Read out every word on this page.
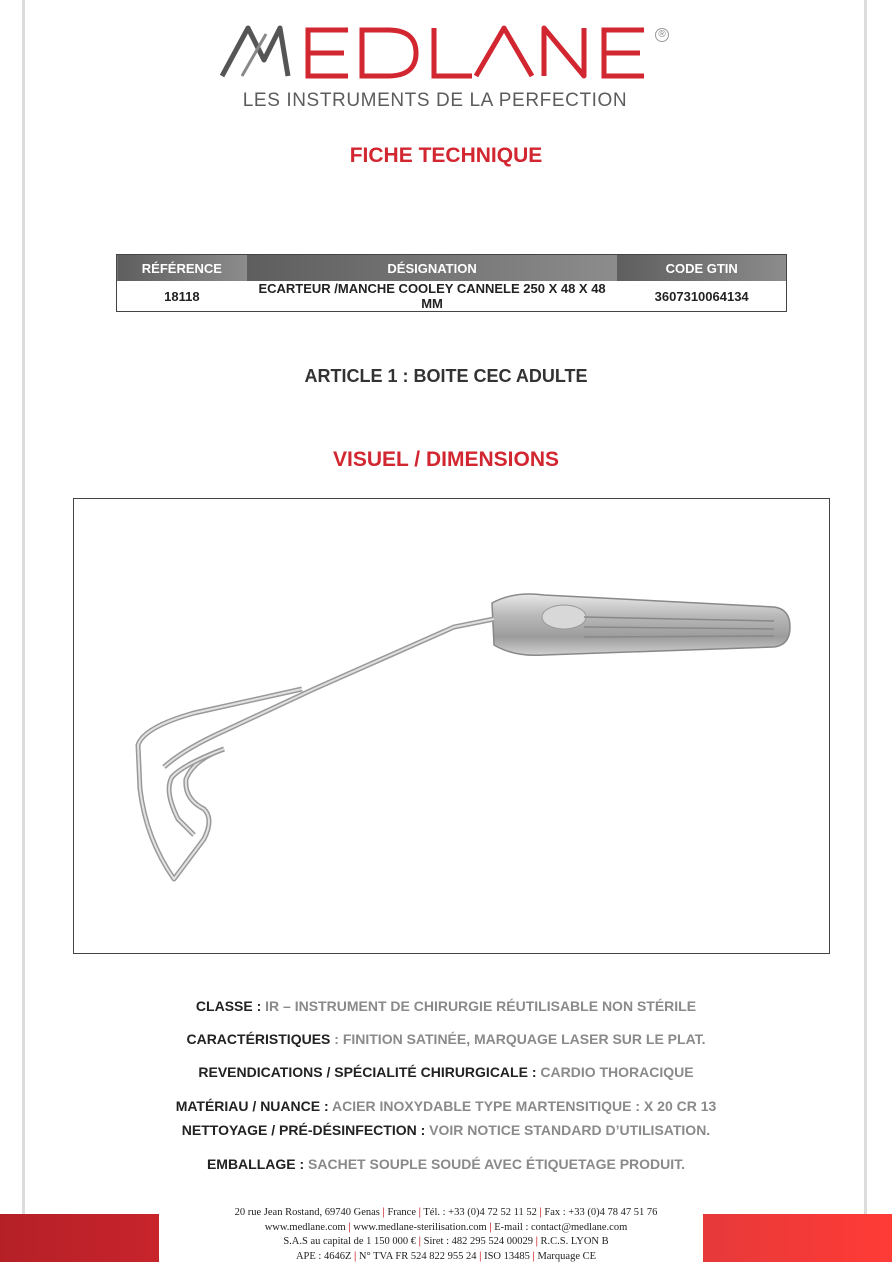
®
LES INSTRUMENTS DE LA PERFECTION
FICHE TECHNIQUE
RÉFÉRENCE	DÉSIGNATION	CODE GTIN
18118	ECARTEUR /MANCHE COOLEY CANNELE 250 X 48 X 48 MM	3607310064134
ARTICLE 1 : BOITE CEC ADULTE
VISUEL / DIMENSIONS
CLASSE : IR – INSTRUMENT DE CHIRURGIE RÉUTILISABLE NON STÉRILE
CARACTÉRISTIQUES : FINITION SATINÉE, MARQUAGE LASER SUR LE PLAT.
REVENDICATIONS / SPÉCIALITÉ CHIRURGICALE : CARDIO THORACIQUE
MATÉRIAU / NUANCE : ACIER INOXYDABLE TYPE MARTENSITIQUE : X 20 CR 13
NETTOYAGE / PRÉ-DÉSINFECTION : VOIR NOTICE STANDARD D’UTILISATION.
EMBALLAGE : SACHET SOUPLE SOUDÉ AVEC ÉTIQUETAGE PRODUIT.
20 rue Jean Rostand, 69740 Genas | France | Tél. : +33 (0)4 72 52 11 52 | Fax : +33 (0)4 78 47 51 76
www.medlane.com | www.medlane-sterilisation.com | E-mail : contact@medlane.com
S.A.S au capital de 1 150 000 € | Siret : 482 295 524 00029 | R.C.S. LYON B
APE : 4646Z | N° TVA FR 524 822 955 24 | ISO 13485 | Marquage CE
